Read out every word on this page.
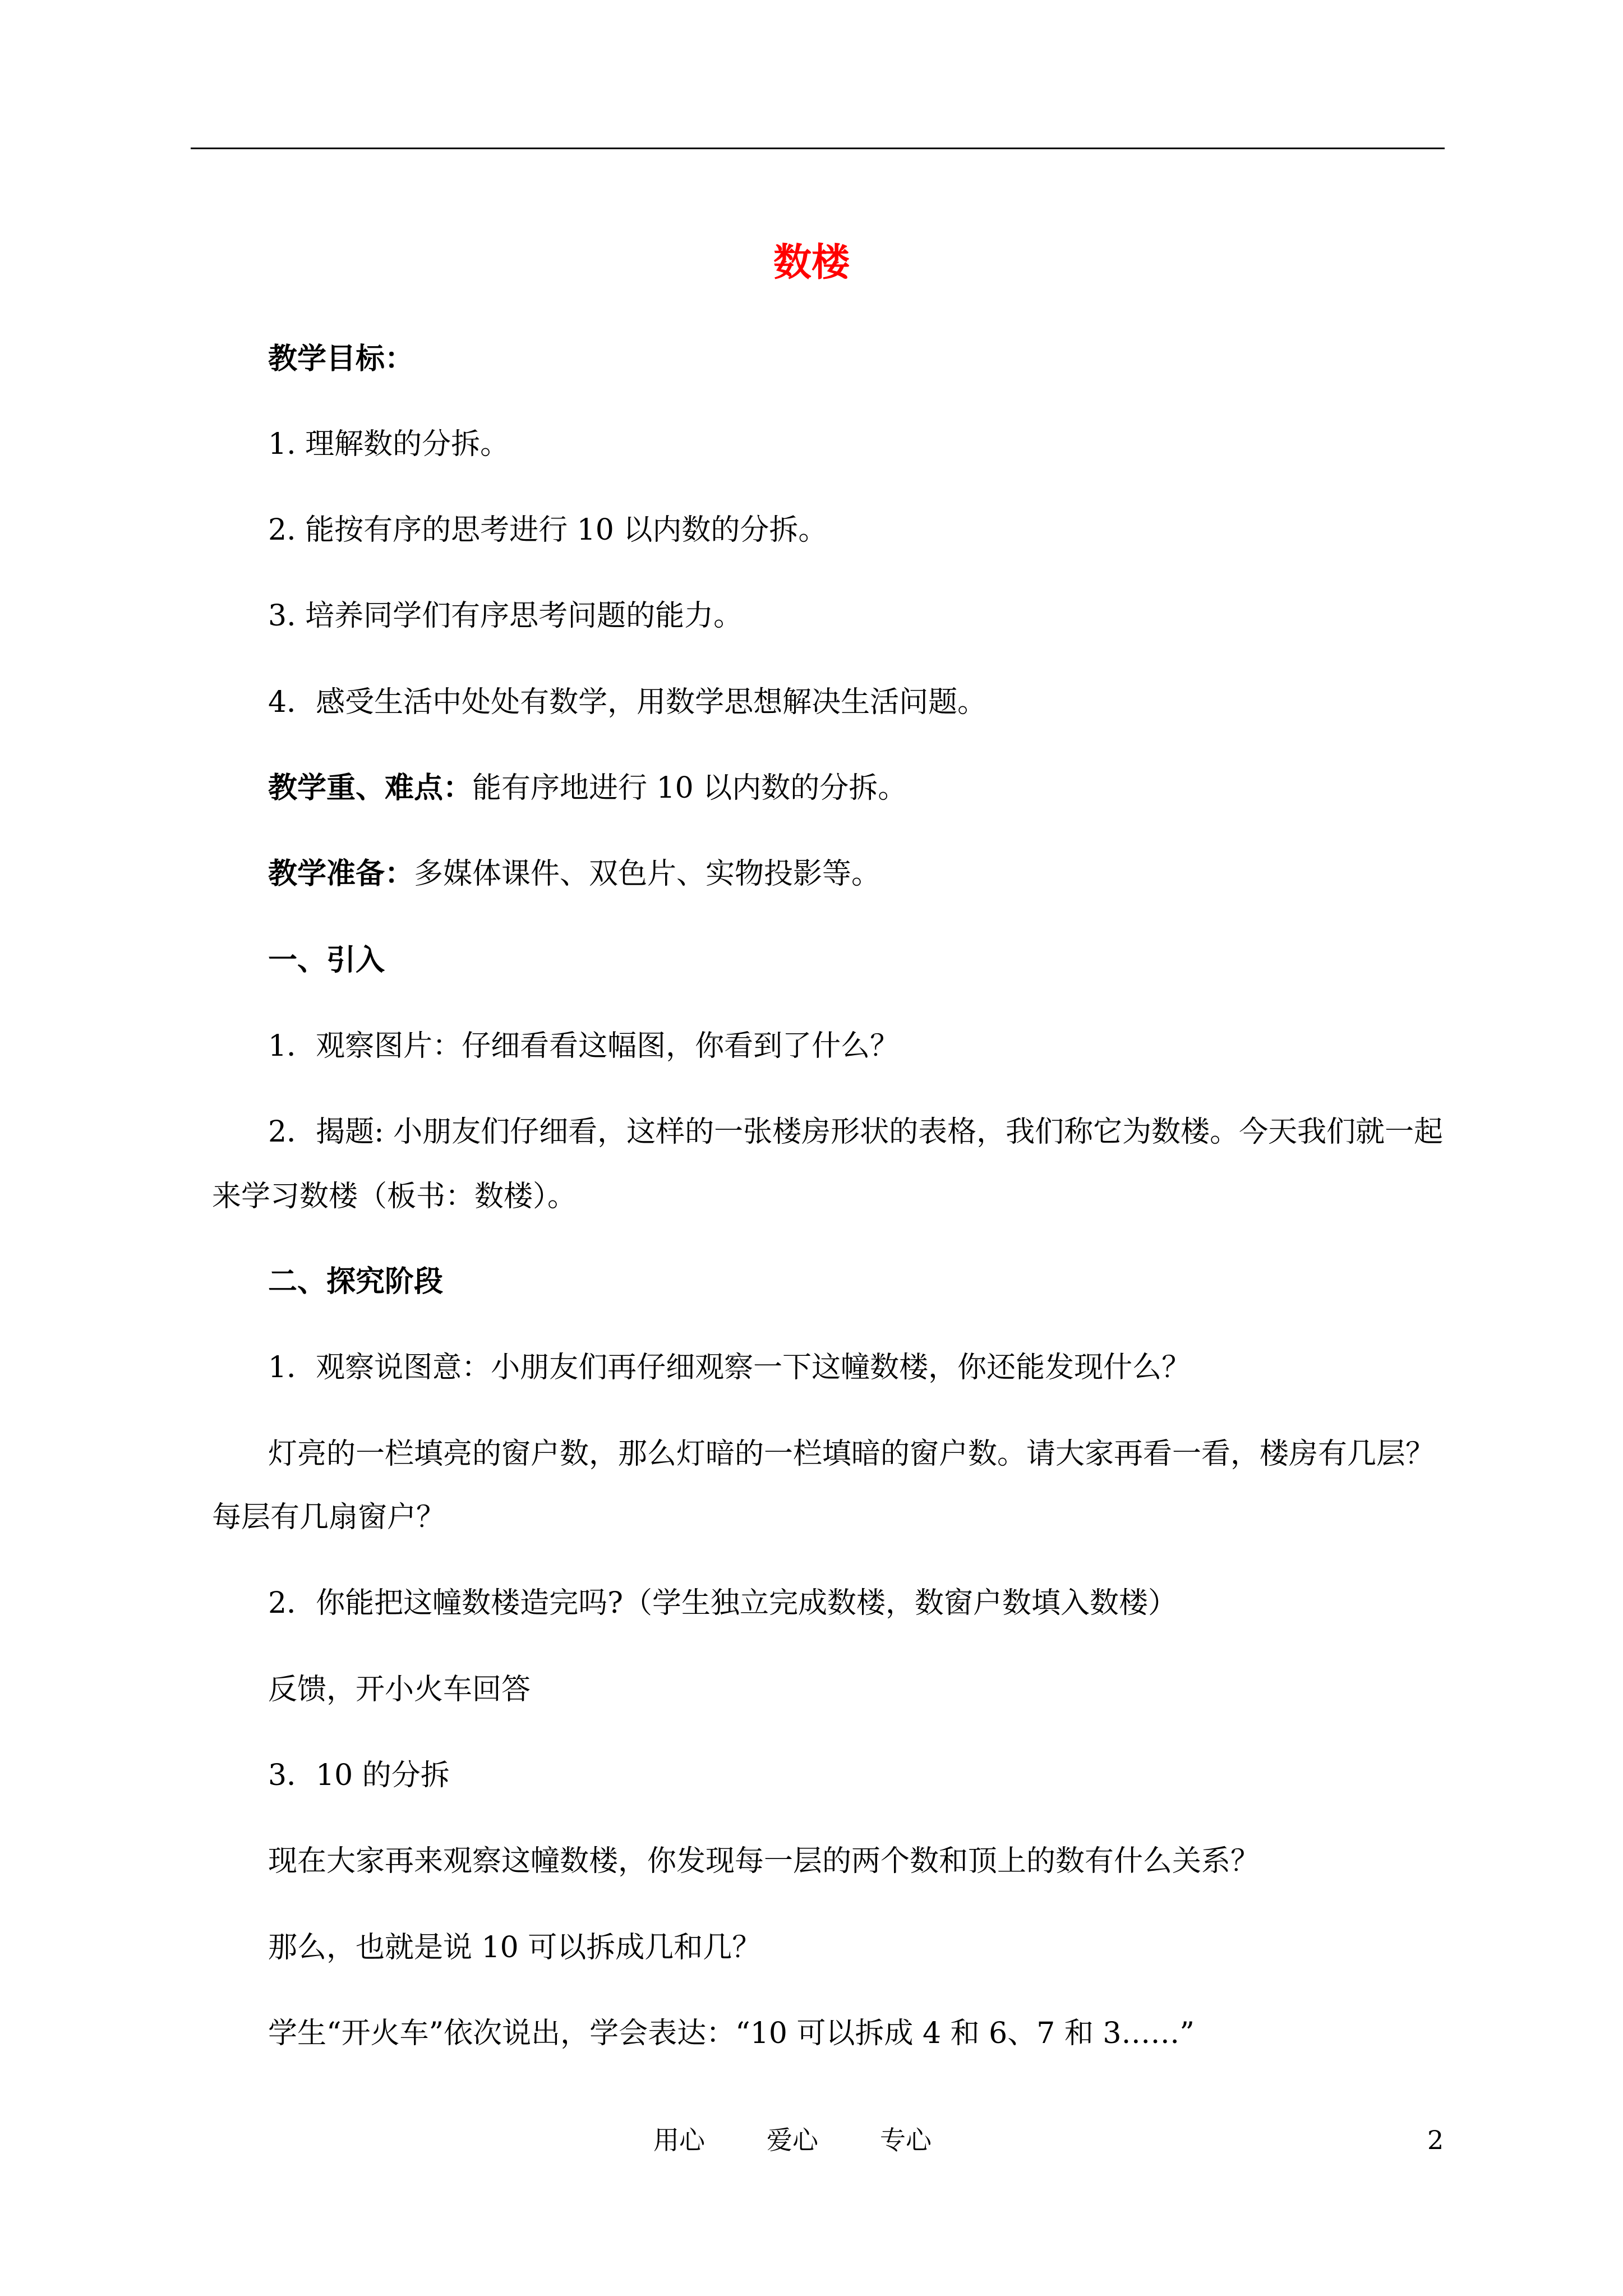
数楼
教学目标：
1. 理解数的分拆。
2. 能按有序的思考进行 10 以内数的分拆。
3. 培养同学们有序思考问题的能力。
4．感受生活中处处有数学，用数学思想解决生活问题。
教学重、难点：能有序地进行 10 以内数的分拆。
教学准备：多媒体课件、双色片、实物投影等。
一、引入
1．观察图片：仔细看看这幅图，你看到了什么？
2．揭题: 小朋友们仔细看，这样的一张楼房形状的表格，我们称它为数楼。今天我们就一起
来学习数楼（板书：数楼）。
二、探究阶段
1．观察说图意：小朋友们再仔细观察一下这幢数楼，你还能发现什么？
灯亮的一栏填亮的窗户数，那么灯暗的一栏填暗的窗户数。请大家再看一看，楼房有几层？
每层有几扇窗户？
2．你能把这幢数楼造完吗?（学生独立完成数楼，数窗户数填入数楼）
反馈，开小火车回答
3．10 的分拆
现在大家再来观察这幢数楼，你发现每一层的两个数和顶上的数有什么关系？
那么，也就是说 10 可以拆成几和几？
学生“开火车”依次说出，学会表达：“10 可以拆成 4 和 6、7 和 3……”
用心 爱心 专心	2
